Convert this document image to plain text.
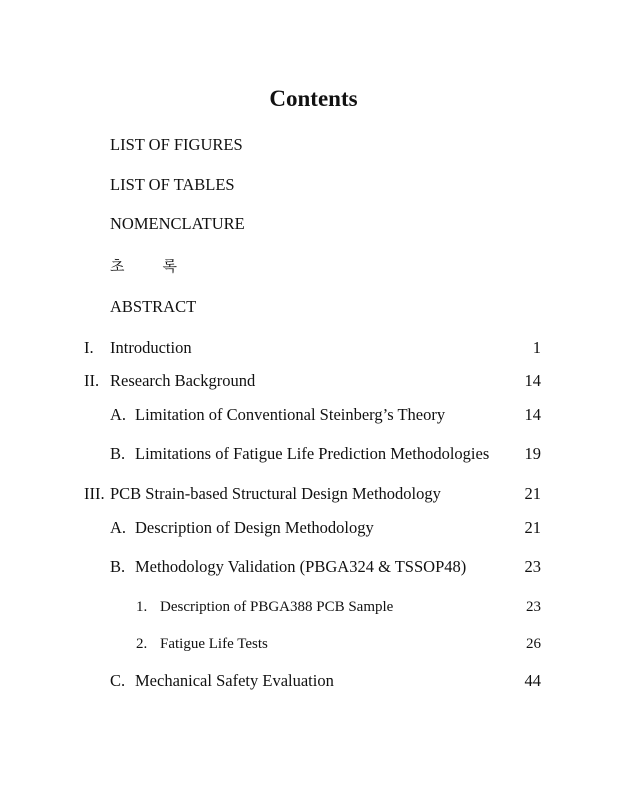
Contents
LIST OF FIGURES
LIST OF TABLES
NOMENCLATURE
초	록
ABSTRACT
I. Introduction	1
II. Research Background	14
A. Limitation of Conventional Steinberg’s Theory	14
B. Limitations of Fatigue Life Prediction Methodologies 19
III. PCB Strain-based Structural Design Methodology	21
A. Description of Design Methodology	21
B. Methodology Validation (PBGA324 & TSSOP48)	23
1. Description of PBGA388 PCB Sample	23
2. Fatigue Life Tests	26
C. Mechanical Safety Evaluation	44
